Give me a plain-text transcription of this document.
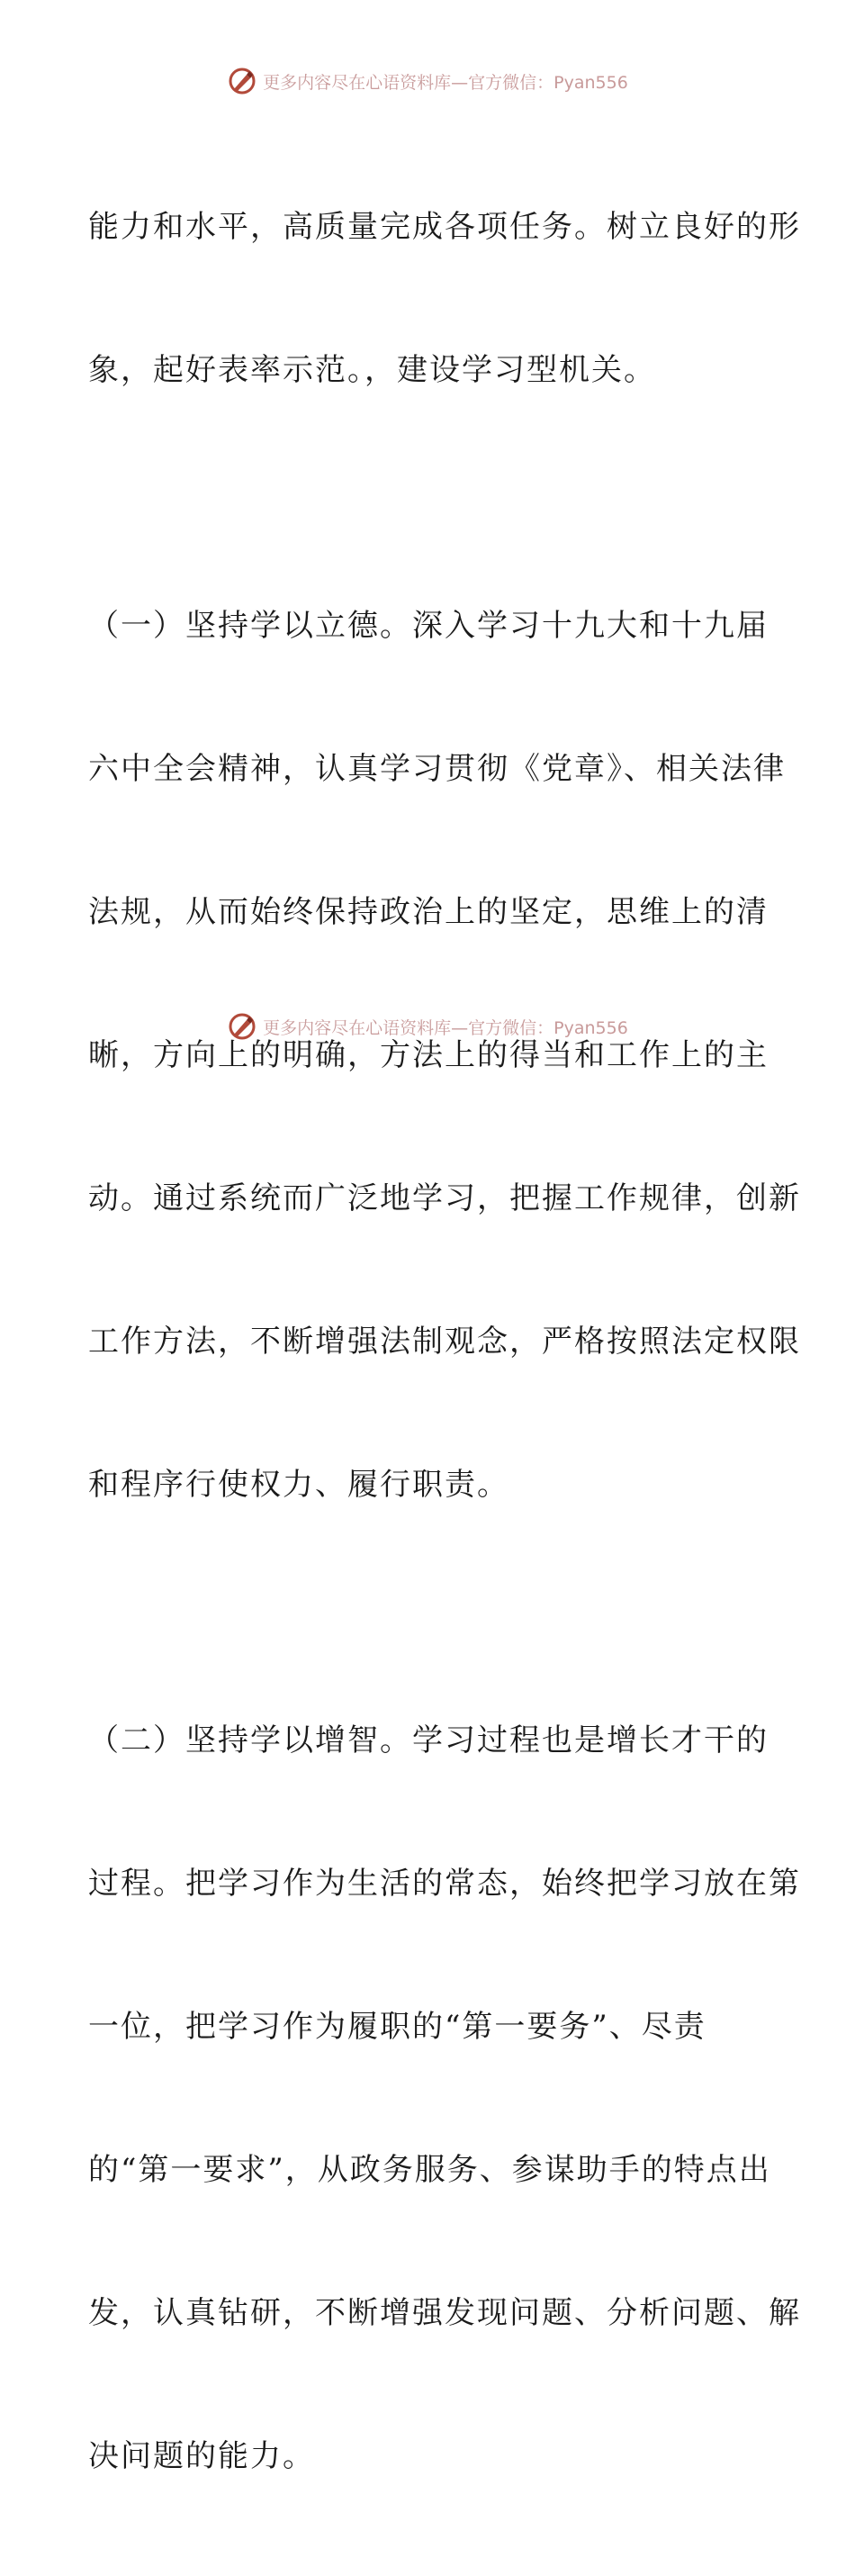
更多内容尽在心语资料库—官方微信：Pyan556

能力和水平，高质量完成各项任务。树立良好的形

象，起好表率示范。，建设学习型机关。

（一）坚持学以立德。深入学习十九大和十九届

六中全会精神，认真学习贯彻《党章》、相关法律

法规，从而始终保持政治上的坚定，思维上的清

晰，方向上的明确，方法上的得当和工作上的主

动。通过系统而广泛地学习，把握工作规律，创新

工作方法，不断增强法制观念，严格按照法定权限

和程序行使权力、履行职责。

（二）坚持学以增智。学习过程也是增长才干的

过程。把学习作为生活的常态，始终把学习放在第

一位，把学习作为履职的“第一要务”、尽责

的“第一要求”，从政务服务、参谋助手的特点出

发，认真钻研，不断增强发现问题、分析问题、解

决问题的能力。

更多内容尽在心语资料库—官方微信：Pyan556
